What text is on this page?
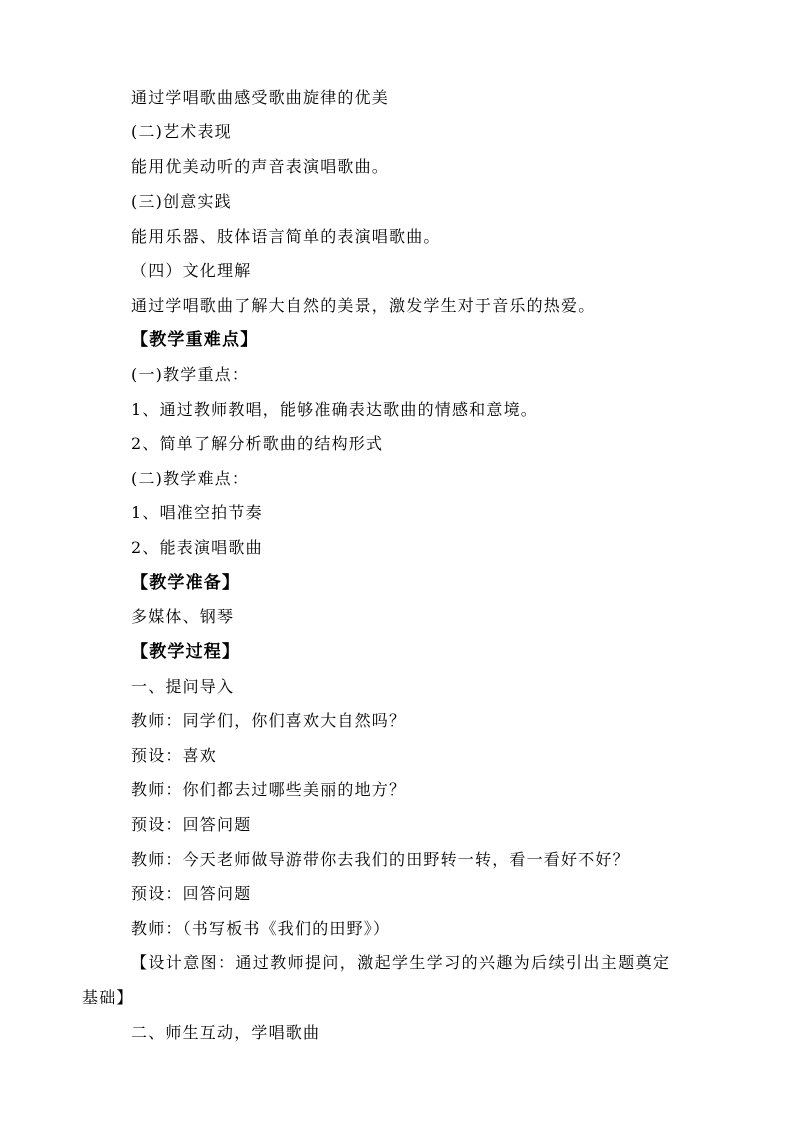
通过学唱歌曲感受歌曲旋律的优美
(二)艺术表现
能用优美动听的声音表演唱歌曲。
(三)创意实践
能用乐器、肢体语言简单的表演唱歌曲。
（四）文化理解
通过学唱歌曲了解大自然的美景，激发学生对于音乐的热爱。
【教学重难点】
(一)教学重点：
1、通过教师教唱，能够准确表达歌曲的情感和意境。
2、简单了解分析歌曲的结构形式
(二)教学难点：
1、唱准空拍节奏
2、能表演唱歌曲
【教学准备】
多媒体、钢琴
【教学过程】
一、提问导入
教师：同学们，你们喜欢大自然吗？
预设：喜欢
教师：你们都去过哪些美丽的地方？
预设：回答问题
教师：今天老师做导游带你去我们的田野转一转，看一看好不好？
预设：回答问题
教师：（书写板书《我们的田野》）
【设计意图：通过教师提问，激起学生学习的兴趣为后续引出主题奠定
基础】
二、师生互动，学唱歌曲
